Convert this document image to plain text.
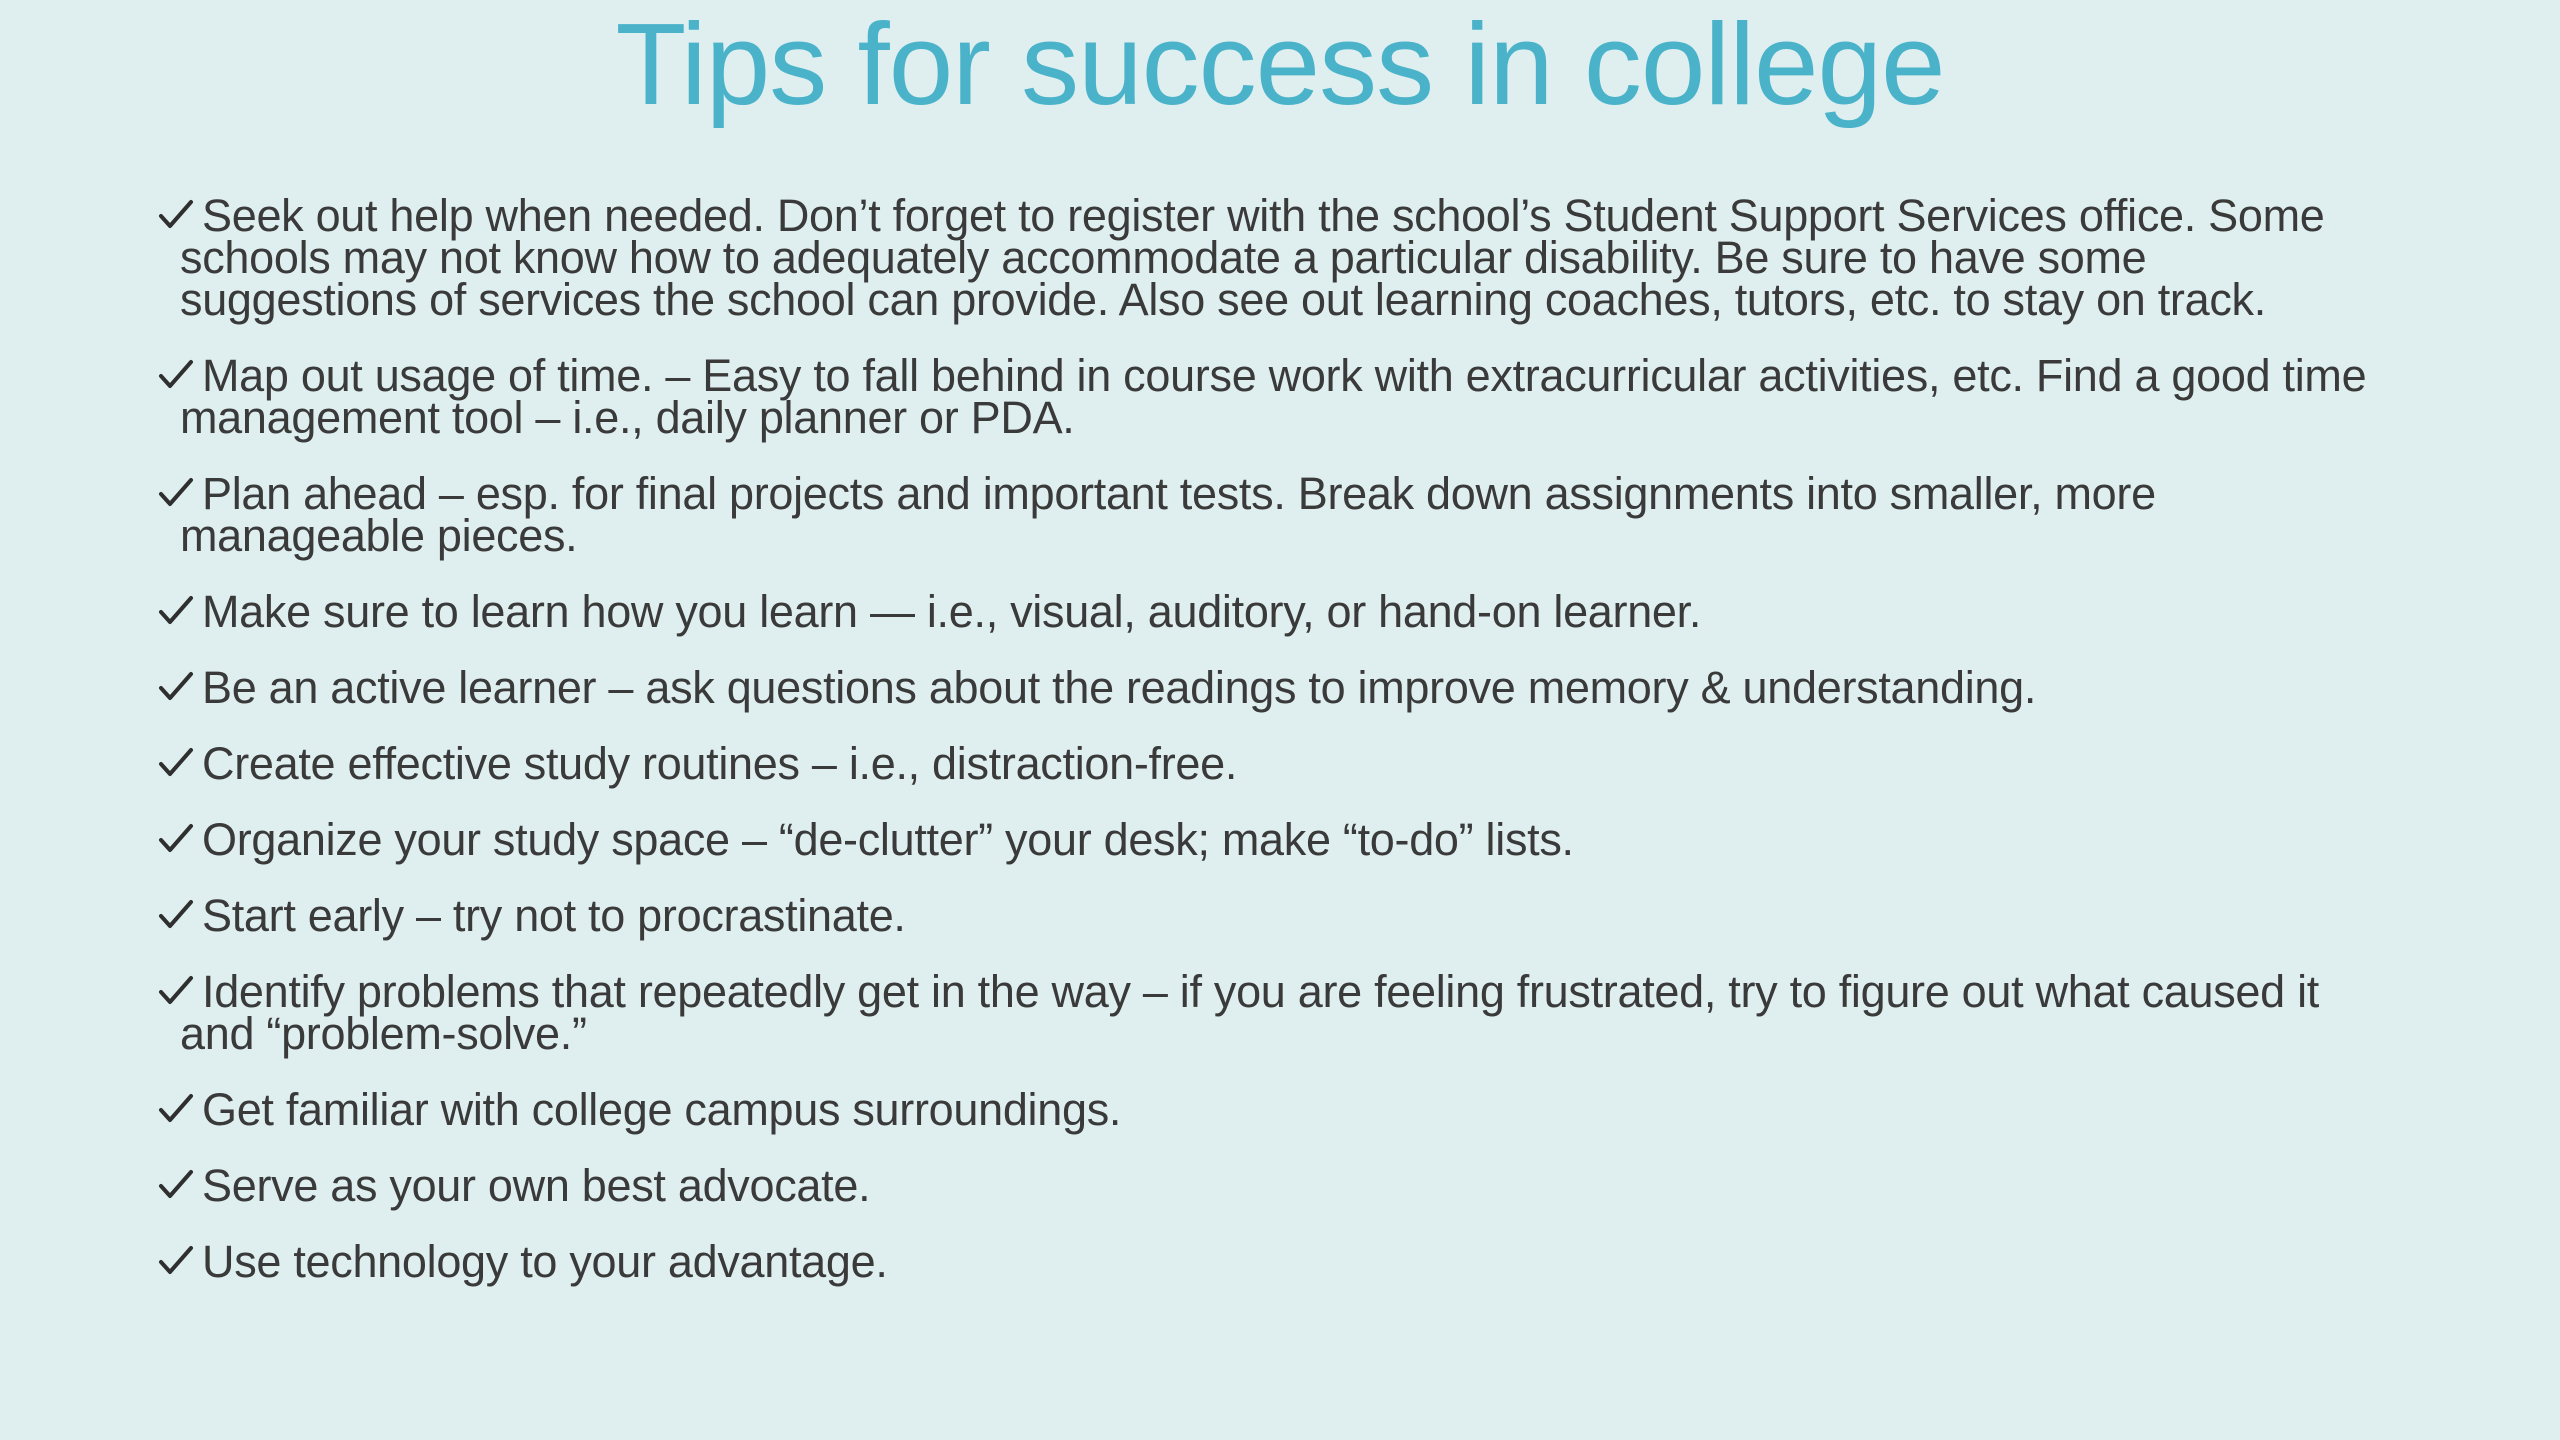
Tips for success in college
Seek out help when needed. Don’t forget to register with the school’s Student Support Services office. Some schools may not know how to adequately accommodate a particular disability. Be sure to have some suggestions of services the school can provide. Also see out learning coaches, tutors, etc. to stay on track.
Map out usage of time. – Easy to fall behind in course work with extracurricular activities, etc. Find a good time management tool – i.e., daily planner or PDA.
Plan ahead – esp. for final projects and important tests. Break down assignments into smaller, more manageable pieces.
Make sure to learn how you learn — i.e., visual, auditory, or hand-on learner.
Be an active learner – ask questions about the readings to improve memory & understanding.
Create effective study routines – i.e., distraction-free.
Organize your study space – “de-clutter” your desk; make “to-do” lists.
Start early – try not to procrastinate.
Identify problems that repeatedly get in the way – if you are feeling frustrated, try to figure out what caused it and “problem-solve.”
Get familiar with college campus surroundings.
Serve as your own best advocate.
Use technology to your advantage.
